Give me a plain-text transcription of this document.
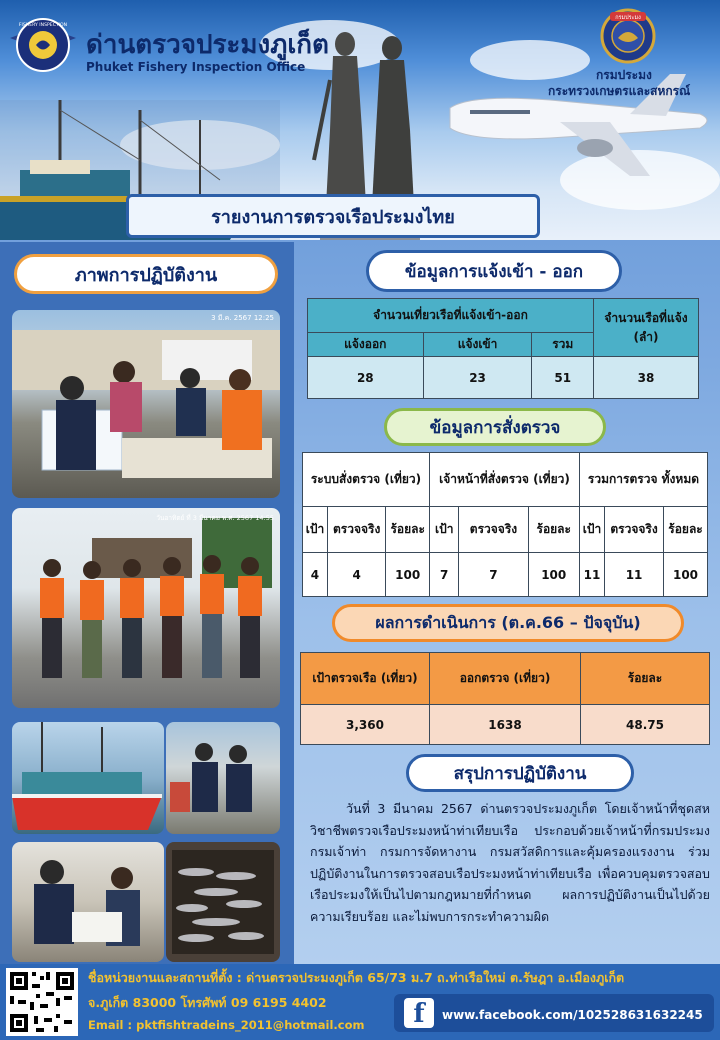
FISHERY INSPECTION
ด่านตรวจประมงภูเก็ต
Phuket Fishery Inspection Office
กรมประมง
กรมประมง
กระทรวงเกษตรและสหกรณ์
รายงานการตรวจเรือประมงไทย
ภาพการปฏิบัติงาน
3 มี.ค. 2567 12:25
วันอาทิตย์ ที่ 3 มีนาคม พ.ศ. 2567 14:55
ข้อมูลการแจ้งเข้า - ออก
จำนวนเที่ยวเรือที่แจ้งเข้า-ออก			จำนวนเรือที่แจ้ง (ลำ)
แจ้งออก	แจ้งเข้า	รวม	
28	23	51	38
ข้อมูลการสั่งตรวจ
ระบบสั่งตรวจ (เที่ยว)			เจ้าหน้าที่สั่งตรวจ (เที่ยว)			รวมการตรวจ ทั้งหมด		
เป้า	ตรวจจริง	ร้อยละ	เป้า	ตรวจจริง	ร้อยละ	เป้า	ตรวจจริง	ร้อยละ
4	4	100	7	7	100	11	11	100
ผลการดำเนินการ (ต.ค.66 – ปัจจุบัน)
เป้าตรวจเรือ (เที่ยว)	ออกตรวจ (เที่ยว)	ร้อยละ
3,360	1638	48.75
สรุปการปฏิบัติงาน
วันที่ 3 มีนาคม 2567 ด่านตรวจประมงภูเก็ต โดยเจ้าหน้าที่ชุดสหวิชาชีพตรวจเรือประมงหน้าท่าเทียบเรือ ประกอบด้วยเจ้าหน้าที่กรมประมง กรมเจ้าท่า กรมการจัดหางาน กรมสวัสดิการและคุ้มครองแรงงาน ร่วมปฏิบัติงานในการตรวจสอบเรือประมงหน้าท่าเทียบเรือ เพื่อควบคุมตรวจสอบเรือประมงให้เป็นไปตามกฎหมายที่กำหนด ผลการปฏิบัติงานเป็นไปด้วยความเรียบร้อย และไม่พบการกระทำความผิด
ชื่อหน่วยงานและสถานที่ตั้ง : ด่านตรวจประมงภูเก็ต 65/73 ม.7 ถ.ท่าเรือใหม่ ต.รัษฎา อ.เมืองภูเก็ต
จ.ภูเก็ต 83000 โทรศัพท์ 09 6195 4402
Email : pktfishtradeins_2011@hotmail.com	f	www.facebook.com/102528631632245
